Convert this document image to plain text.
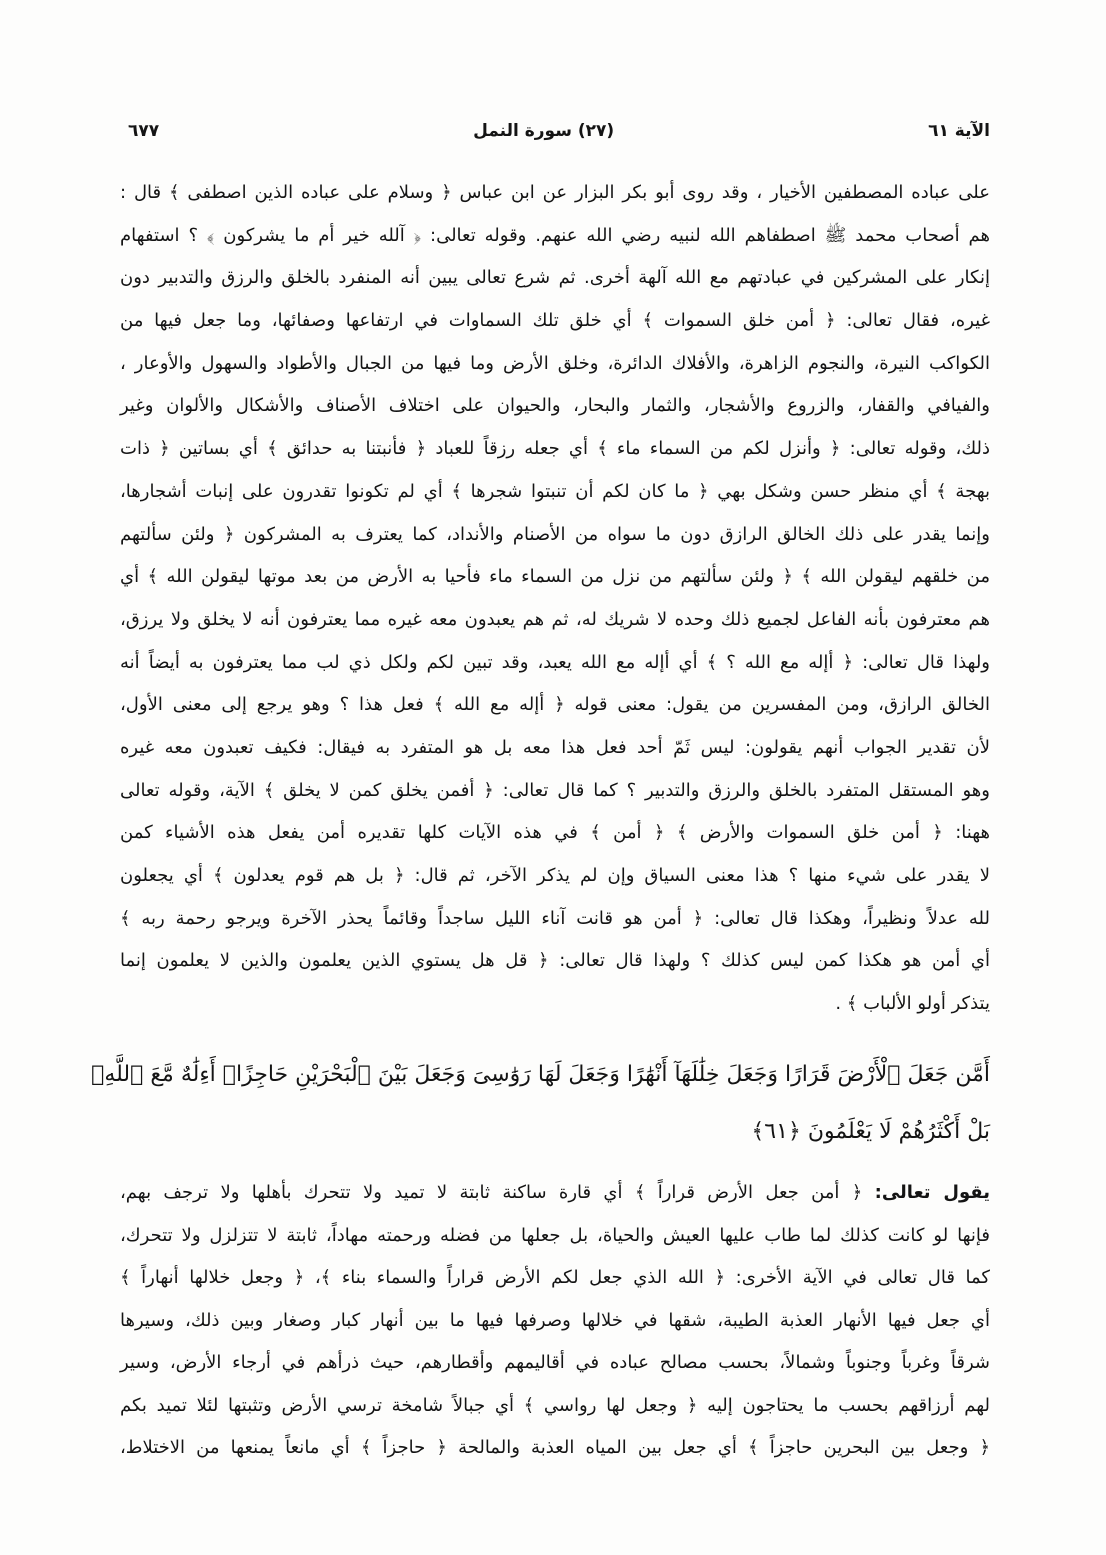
الآية ٦١
(٢٧) سورة النمل
٦٧٧
على عباده المصطفين الأخيار ، وقد روى أبو بكر البزار عن ابن عباس ﴿ وسلام على عباده الذين اصطفى ﴾ قال :
هم أصحاب محمد ﷺ اصطفاهم الله لنبيه رضي الله عنهم. وقوله تعالى: ﴿ آلله خير أم ما يشركون ﴾ ؟ استفهام
إنكار على المشركين في عبادتهم مع الله آلهة أخرى. ثم شرع تعالى يبين أنه المنفرد بالخلق والرزق والتدبير دون
غيره، فقال تعالى: ﴿ أمن خلق السموات ﴾ أي خلق تلك السماوات في ارتفاعها وصفائها، وما جعل فيها من
الكواكب النيرة، والنجوم الزاهرة، والأفلاك الدائرة، وخلق الأرض وما فيها من الجبال والأطواد والسهول والأوعار ،
والفيافي والقفار، والزروع والأشجار، والثمار والبحار، والحيوان على اختلاف الأصناف والأشكال والألوان وغير
ذلك، وقوله تعالى: ﴿ وأنزل لكم من السماء ماء ﴾ أي جعله رزقاً للعباد ﴿ فأنبتنا به حدائق ﴾ أي بساتين ﴿ ذات
بهجة ﴾ أي منظر حسن وشكل بهي ﴿ ما كان لكم أن تنبتوا شجرها ﴾ أي لم تكونوا تقدرون على إنبات أشجارها،
وإنما يقدر على ذلك الخالق الرازق دون ما سواه من الأصنام والأنداد، كما يعترف به المشركون ﴿ ولئن سألتهم
من خلقهم ليقولن الله ﴾ ﴿ ولئن سألتهم من نزل من السماء ماء فأحيا به الأرض من بعد موتها ليقولن الله ﴾ أي
هم معترفون بأنه الفاعل لجميع ذلك وحده لا شريك له، ثم هم يعبدون معه غيره مما يعترفون أنه لا يخلق ولا يرزق،
ولهذا قال تعالى: ﴿ أإله مع الله ؟ ﴾ أي أإله مع الله يعبد، وقد تبين لكم ولكل ذي لب مما يعترفون به أيضاً أنه
الخالق الرازق، ومن المفسرين من يقول: معنى قوله ﴿ أإله مع الله ﴾ فعل هذا ؟ وهو يرجع إلى معنى الأول،
لأن تقدير الجواب أنهم يقولون: ليس ثَمّ أحد فعل هذا معه بل هو المتفرد به فيقال: فكيف تعبدون معه غيره
وهو المستقل المتفرد بالخلق والرزق والتدبير ؟ كما قال تعالى: ﴿ أفمن يخلق كمن لا يخلق ﴾ الآية، وقوله تعالى
ههنا: ﴿ أمن خلق السموات والأرض ﴾ ﴿ أمن ﴾ في هذه الآيات كلها تقديره أمن يفعل هذه الأشياء كمن
لا يقدر على شيء منها ؟ هذا معنى السياق وإن لم يذكر الآخر، ثم قال: ﴿ بل هم قوم يعدلون ﴾ أي يجعلون
لله عدلاً ونظيراً، وهكذا قال تعالى: ﴿ أمن هو قانت آناء الليل ساجداً وقائماً يحذر الآخرة ويرجو رحمة ربه ﴾
أي أمن هو هكذا كمن ليس كذلك ؟ ولهذا قال تعالى: ﴿ قل هل يستوي الذين يعلمون والذين لا يعلمون إنما
يتذكر أولو الألباب ﴾ .
أَمَّن جَعَلَ ٱلْأَرْضَ قَرَارًا وَجَعَلَ خِلَٰلَهَآ أَنْهَٰرًا وَجَعَلَ لَهَا رَوَٰسِىَ وَجَعَلَ بَيْنَ ٱلْبَحْرَيْنِ حَاجِزًاۗ أَءِلَٰهٌ مَّعَ ٱللَّهِۚ
بَلْ أَكْثَرُهُمْ لَا يَعْلَمُونَ ﴿٦١﴾
يقول تعالى: ﴿ أمن جعل الأرض قراراً ﴾ أي قارة ساكنة ثابتة لا تميد ولا تتحرك بأهلها ولا ترجف بهم،
فإنها لو كانت كذلك لما طاب عليها العيش والحياة، بل جعلها من فضله ورحمته مهاداً، ثابتة لا تتزلزل ولا تتحرك،
كما قال تعالى في الآية الأخرى: ﴿ الله الذي جعل لكم الأرض قراراً والسماء بناء ﴾، ﴿ وجعل خلالها أنهاراً ﴾
أي جعل فيها الأنهار العذبة الطيبة، شقها في خلالها وصرفها فيها ما بين أنهار كبار وصغار وبين ذلك، وسيرها
شرقاً وغرباً وجنوباً وشمالاً، بحسب مصالح عباده في أقاليمهم وأقطارهم، حيث ذرأهم في أرجاء الأرض، وسير
لهم أرزاقهم بحسب ما يحتاجون إليه ﴿ وجعل لها رواسي ﴾ أي جبالاً شامخة ترسي الأرض وتثبتها لئلا تميد بكم
﴿ وجعل بين البحرين حاجزاً ﴾ أي جعل بين المياه العذبة والمالحة ﴿ حاجزاً ﴾ أي مانعاً يمنعها من الاختلاط،
